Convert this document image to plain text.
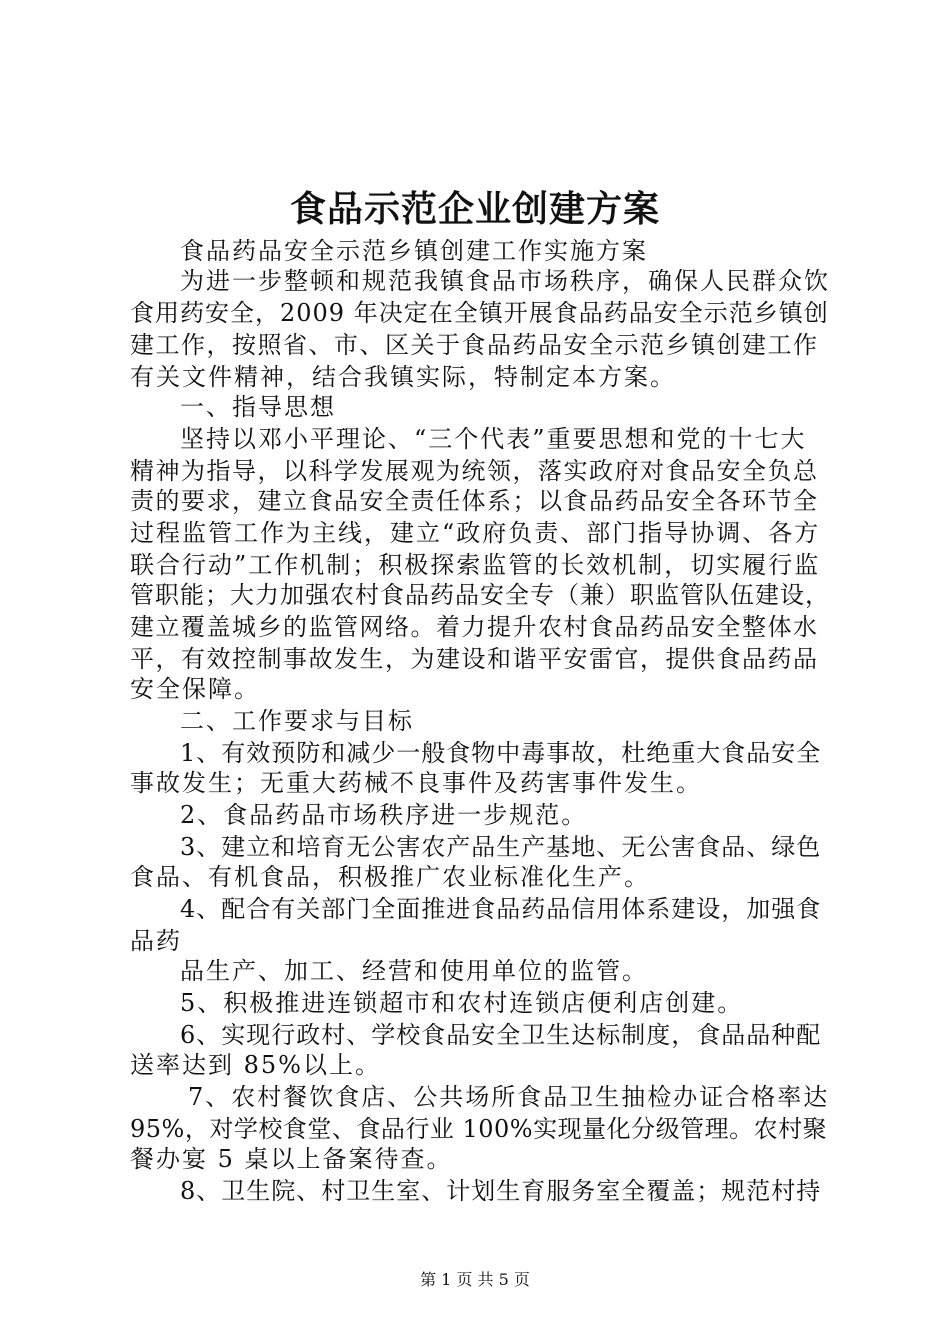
食品示范企业创建方案
食品药品安全示范乡镇创建工作实施方案
为进一步整顿和规范我镇食品市场秩序，确保人民群众饮
食用药安全，2009 年决定在全镇开展食品药品安全示范乡镇创
建工作，按照省、市、区关于食品药品安全示范乡镇创建工作
有关文件精神，结合我镇实际，特制定本方案。
一、指导思想
坚持以邓小平理论、“三个代表”重要思想和党的十七大
精神为指导，以科学发展观为统领，落实政府对食品安全负总
责的要求，建立食品安全责任体系；以食品药品安全各环节全
过程监管工作为主线，建立“政府负责、部门指导协调、各方
联合行动”工作机制；积极探索监管的长效机制，切实履行监
管职能；大力加强农村食品药品安全专（兼）职监管队伍建设，
建立覆盖城乡的监管网络。着力提升农村食品药品安全整体水
平，有效控制事故发生，为建设和谐平安雷官，提供食品药品
安全保障。
二、工作要求与目标
1、有效预防和减少一般食物中毒事故，杜绝重大食品安全
事故发生；无重大药械不良事件及药害事件发生。
2、食品药品市场秩序进一步规范。
3、建立和培育无公害农产品生产基地、无公害食品、绿色
食品、有机食品，积极推广农业标准化生产。
4、配合有关部门全面推进食品药品信用体系建设，加强食
品药
品生产、加工、经营和使用单位的监管。
5、积极推进连锁超市和农村连锁店便利店创建。
6、实现行政村、学校食品安全卫生达标制度，食品品种配
送率达到 85%以上。
7、农村餐饮食店、公共场所食品卫生抽检办证合格率达
95%，对学校食堂、食品行业 100%实现量化分级管理。农村聚
餐办宴 5 桌以上备案待查。
8、卫生院、村卫生室、计划生育服务室全覆盖；规范村持
第 1 页 共 5 页
